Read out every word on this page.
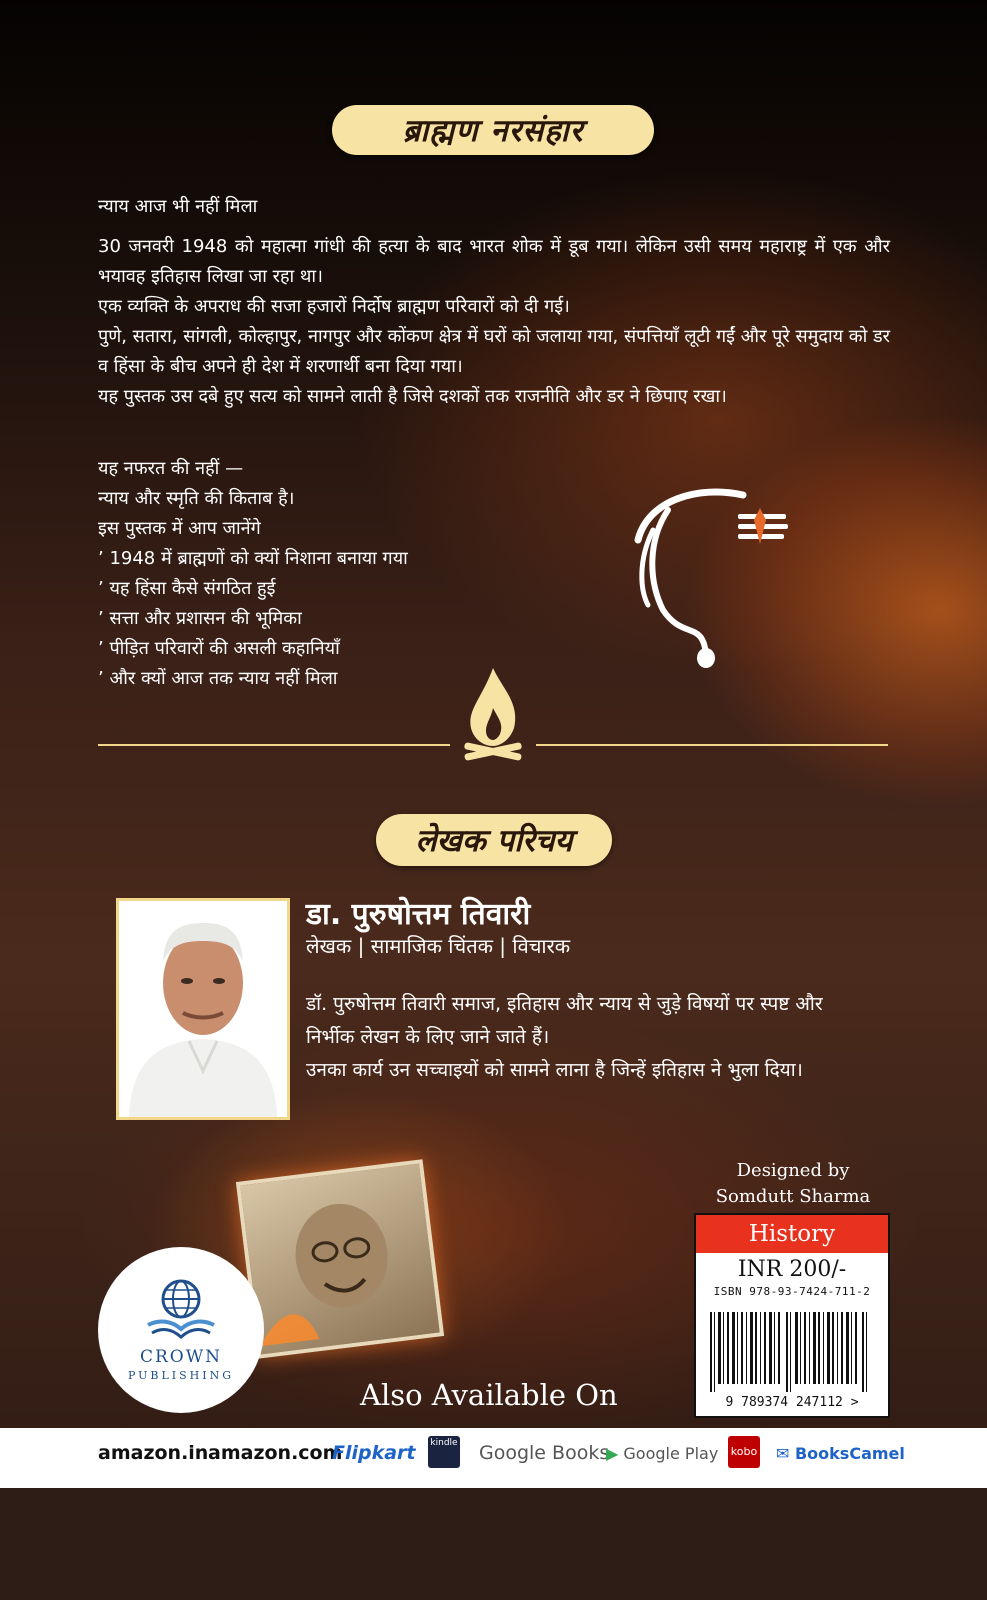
ब्राह्मण नरसंहार
न्याय आज भी नहीं मिला

30 जनवरी 1948 को महात्मा गांधी की हत्या के बाद भारत शोक में डूब गया। लेकिन उसी समय महाराष्ट्र में एक और भयावह इतिहास लिखा जा रहा था।

एक व्यक्ति के अपराध की सजा हजारों निर्दोष ब्राह्मण परिवारों को दी गई।

पुणे, सतारा, सांगली, कोल्हापुर, नागपुर और कोंकण क्षेत्र में घरों को जलाया गया, संपत्तियाँ लूटी गईं और पूरे समुदाय को डर व हिंसा के बीच अपने ही देश में शरणार्थी बना दिया गया।

यह पुस्तक उस दबे हुए सत्य को सामने लाती है जिसे दशकों तक राजनीति और डर ने छिपाए रखा।

यह नफरत की नहीं —

न्याय और स्मृति की किताब है।

इस पुस्तक में आप जानेंगे

’ 1948 में ब्राह्मणों को क्यों निशाना बनाया गया

’ यह हिंसा कैसे संगठित हुई

’ सत्ता और प्रशासन की भूमिका

’ पीड़ित परिवारों की असली कहानियाँ

’ और क्यों आज तक न्याय नहीं मिला

लेखक परिचय
डा. पुरुषोत्तम तिवारी
लेखक | सामाजिक चिंतक | विचारक

डॉ. पुरुषोत्तम तिवारी समाज, इतिहास और न्याय से जुड़े विषयों पर स्पष्ट और निर्भीक लेखन के लिए जाने जाते हैं।

उनका कार्य उन सच्चाइयों को सामने लाना है जिन्हें इतिहास ने भुला दिया।

Designed by
Somdutt Sharma
History
INR 200/-
ISBN 978-93-7424-711-2
9 789374 247112 >
CROWN
PUBLISHING
Also Available On
amazon.in amazon.com
Flipkart kindle Google Books
▶ Google Play kobo ✉ BooksCamel
